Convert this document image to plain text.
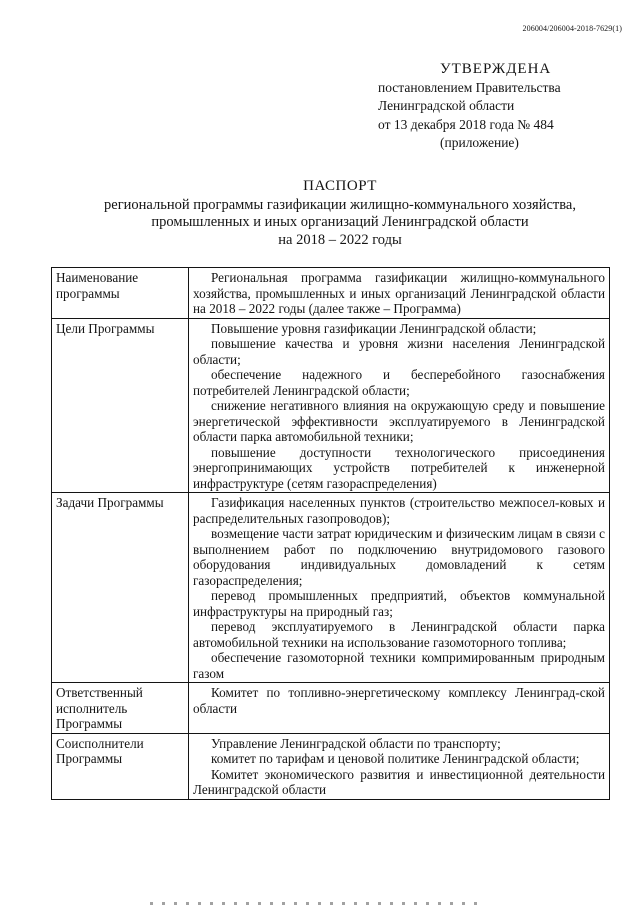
206004/206004-2018-7629(1)
УТВЕРЖДЕНА
постановлением Правительства
Ленинградской области
от 13 декабря 2018 года № 484
(приложение)
ПАСПОРТ
региональной программы газификации жилищно-коммунального хозяйства,
промышленных и иных организаций Ленинградской области
на 2018 – 2022 годы
Наименование программы	Региональная программа газификации жилищно-коммунального хозяйства, промышленных и иных организаций Ленинградской области на 2018 – 2022 годы (далее также – Программа)

Цели Программы	Повышение уровня газификации Ленинградской области;

повышение качества и уровня жизни населения Ленинградской области;

обеспечение надежного и бесперебойного газоснабжения потребителей Ленинградской области;

снижение негативного влияния на окружающую среду и повышение энергетической эффективности эксплуатируемого в Ленинградской области парка автомобильной техники;

повышение доступности технологического присоединения энергопринимающих устройств потребителей к инженерной инфраструктуре (сетям газораспределения)

Задачи Программы	Газификация населенных пунктов (строительство межпосел-ковых и распределительных газопроводов);

возмещение части затрат юридическим и физическим лицам в связи с выполнением работ по подключению внутридомового газового оборудования индивидуальных домовладений к сетям газораспределения;

перевод промышленных предприятий, объектов коммунальной инфраструктуры на природный газ;

перевод эксплуатируемого в Ленинградской области парка автомобильной техники на использование газомоторного топлива;

обеспечение газомоторной техники компримированным природным газом

Ответственный исполнитель Программы	Комитет по топливно-энергетическому комплексу Ленинград-ской области

Соисполнители Программы	Управление Ленинградской области по транспорту;

комитет по тарифам и ценовой политике Ленинградской области;

Комитет экономического развития и инвестиционной деятельности Ленинградской области
